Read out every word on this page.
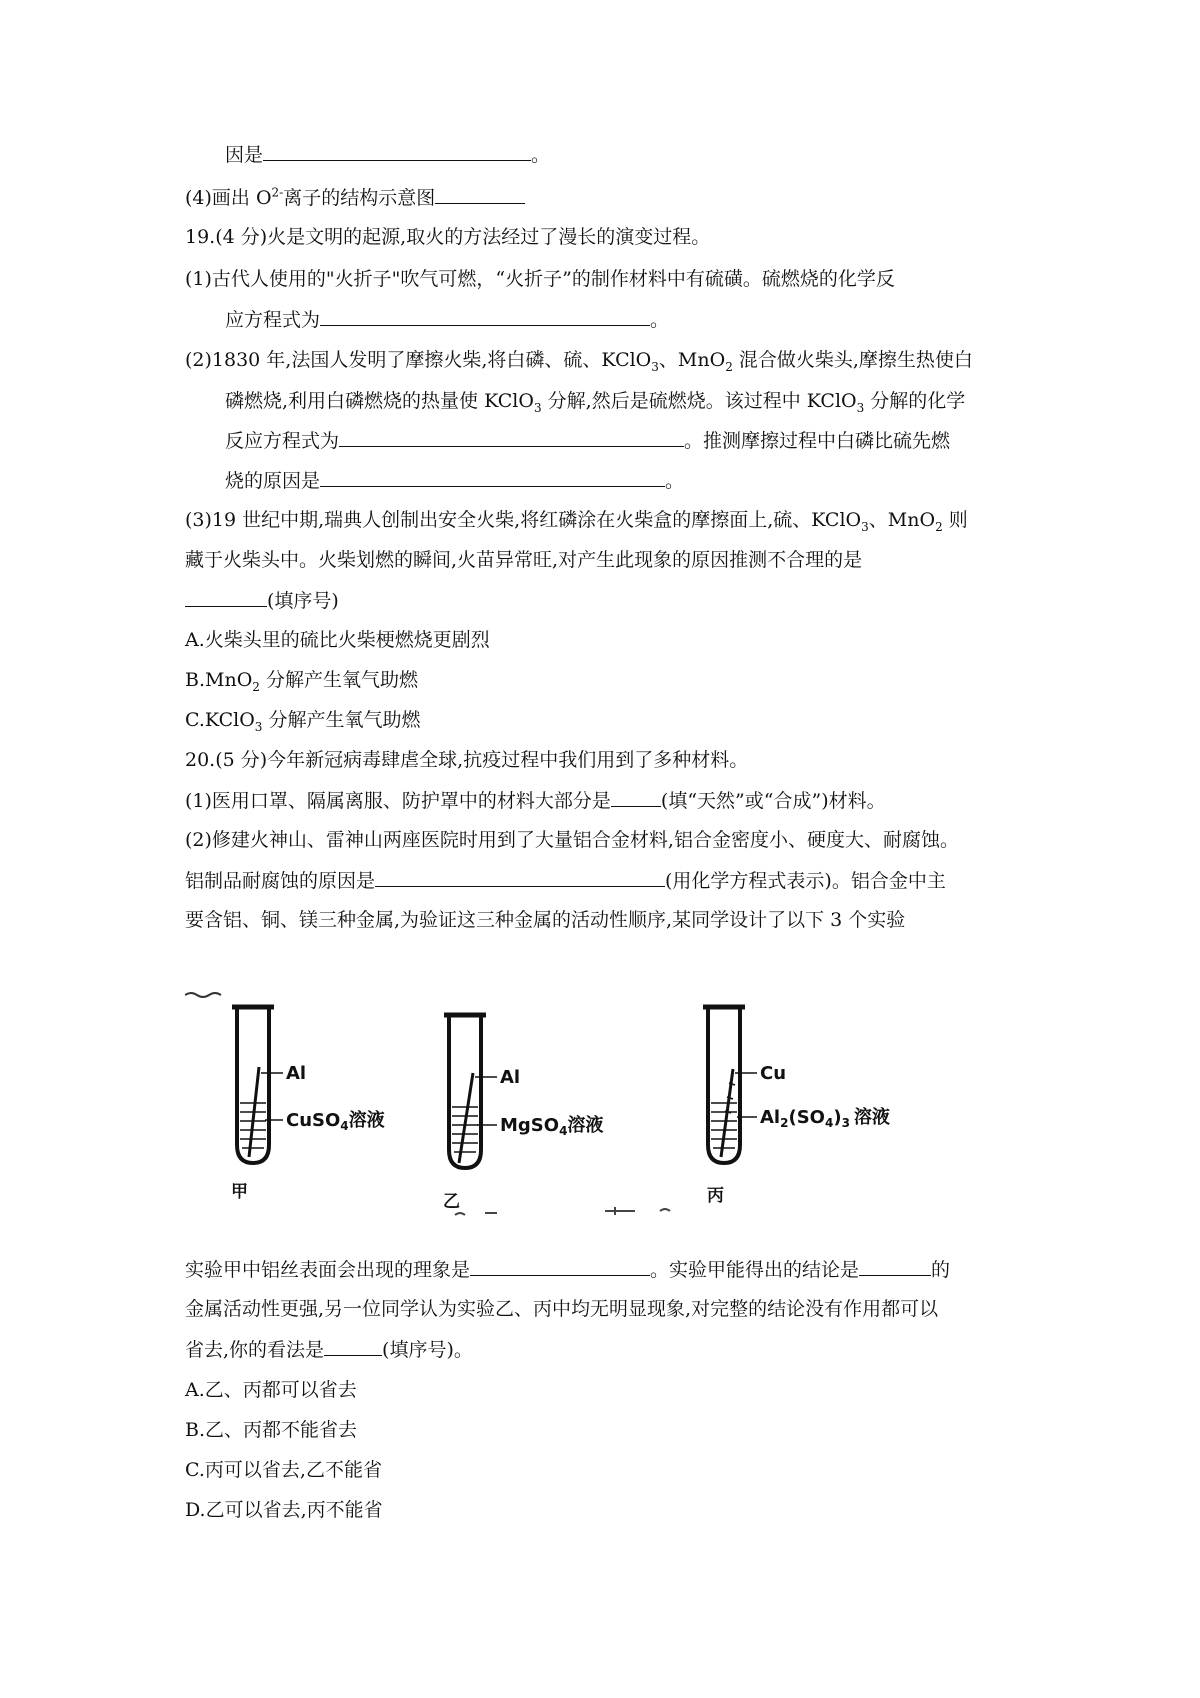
因是	。
(4)画出 $O^{2-}$离子的结构示意图
19.(4 分)火是文明的起源,取火的方法经过了漫长的演变过程。
(1)古代人使用的"火折子"吹气可燃，“火折子”的制作材料中有硫磺。硫燃烧的化学反
应方程式为	。
(2)1830 年,法国人发明了摩擦火柴,将白磷、硫、KClO$_3$、MnO$_2$ 混合做火柴头,摩擦生热使白
磷燃烧,利用白磷燃烧的热量使 KClO$_3$ 分解,然后是硫燃烧。该过程中 KClO$_3$ 分解的化学
反应方程式为	。推测摩擦过程中白磷比硫先燃
烧的原因是	。
(3)19 世纪中期,瑞典人创制出安全火柴,将红磷涂在火柴盒的摩擦面上,硫、KClO$_3$、MnO$_2$ 则
藏于火柴头中。火柴划燃的瞬间,火苗异常旺,对产生此现象的原因推测不合理的是
(填序号)
A.火柴头里的硫比火柴梗燃烧更剧烈
B.MnO$_2$ 分解产生氧气助燃
C.KClO$_3$ 分解产生氧气助燃
20.(5 分)今年新冠病毒肆虐全球,抗疫过程中我们用到了多种材料。
(1)医用口罩、隔属离服、防护罩中的材料大部分是	(填“天然”或“合成”)材料。
(2)修建火神山、雷神山两座医院时用到了大量铝合金材料,铝合金密度小、硬度大、耐腐蚀。
铝制品耐腐蚀的原因是	(用化学方程式表示)。铝合金中主
要含铝、铜、镁三种金属,为验证这三种金属的活动性顺序,某同学设计了以下 3 个实验
Al
CuSO$_4$溶液
甲
Al
MgSO$_4$溶液
乙
Cu
$Al_2(SO_4)_3$ 溶液
丙
实验甲中铝丝表面会出现的理象是	。实验甲能得出的结论是	的
金属活动性更强,另一位同学认为实验乙、丙中均无明显现象,对完整的结论没有作用都可以
省去,你的看法是	(填序号)。
A.乙、丙都可以省去
B.乙、丙都不能省去
C.丙可以省去,乙不能省
D.乙可以省去,丙不能省
